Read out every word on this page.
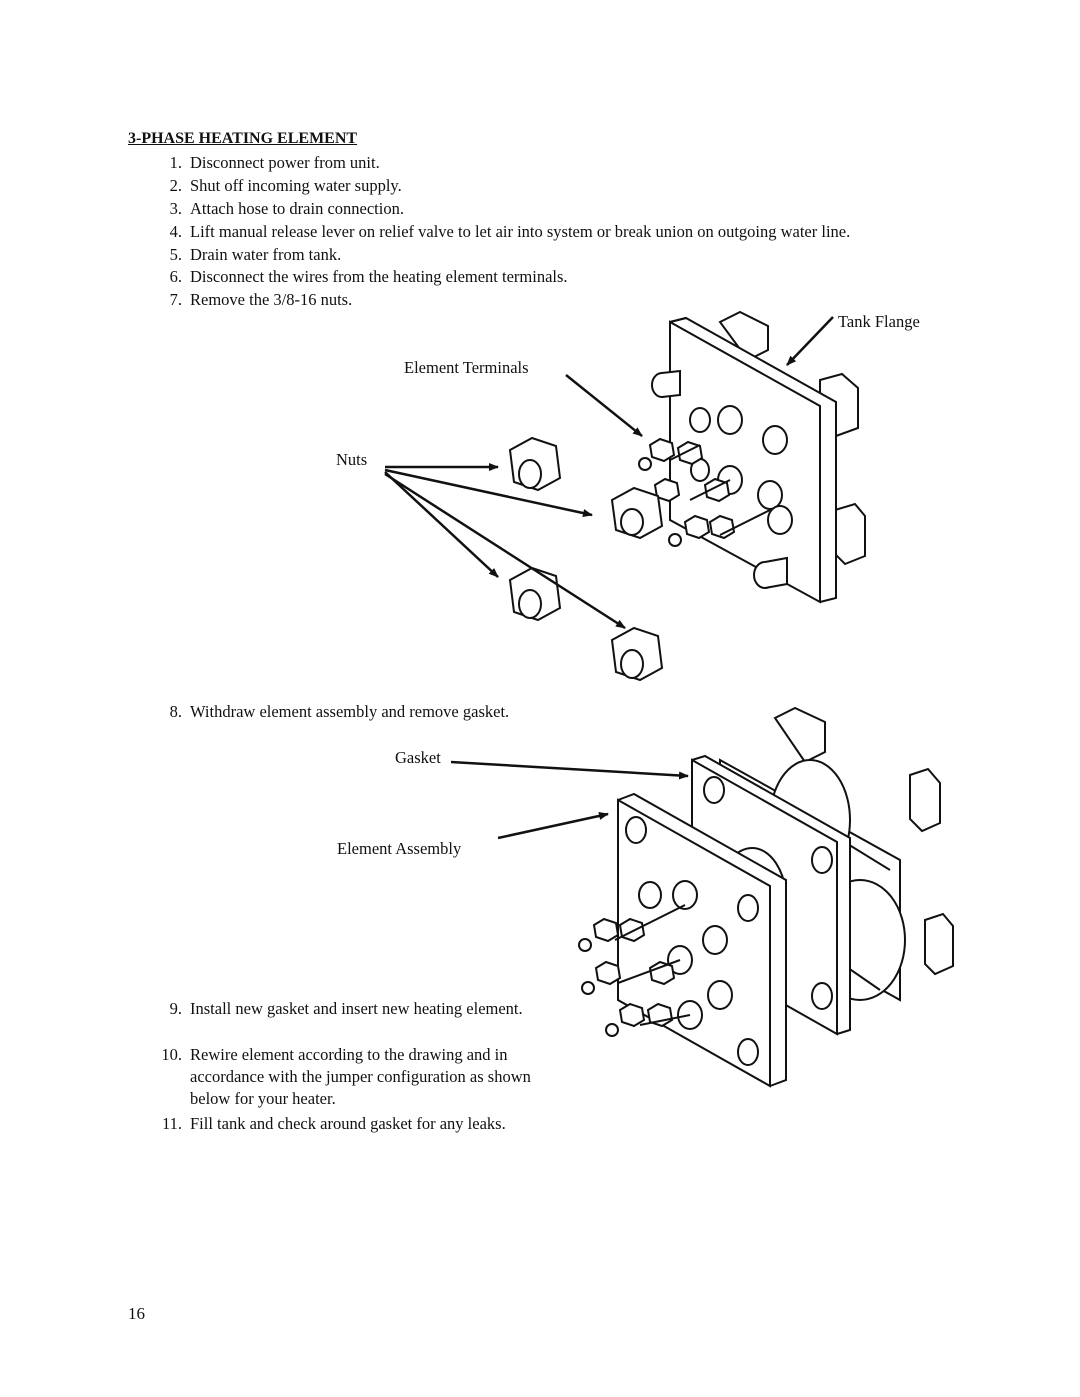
3-PHASE HEATING ELEMENT
1. Disconnect power from unit.
2. Shut off incoming water supply.
3. Attach hose to drain connection.
4. Lift manual release lever on relief valve to let air into system or break union on outgoing water line.
5. Drain water from tank.
6. Disconnect the wires from the heating element terminals.
7. Remove the 3/8-16 nuts.
8. Withdraw element assembly and remove gasket.
9. Install new gasket and insert new heating element.
10. Rewire element according to the drawing and in accordance with the jumper configuration as shown below for your heater.
11. Fill tank and check around gasket for any leaks.
Tank Flange
Element Terminals
Nuts
Gasket
Element Assembly
16
